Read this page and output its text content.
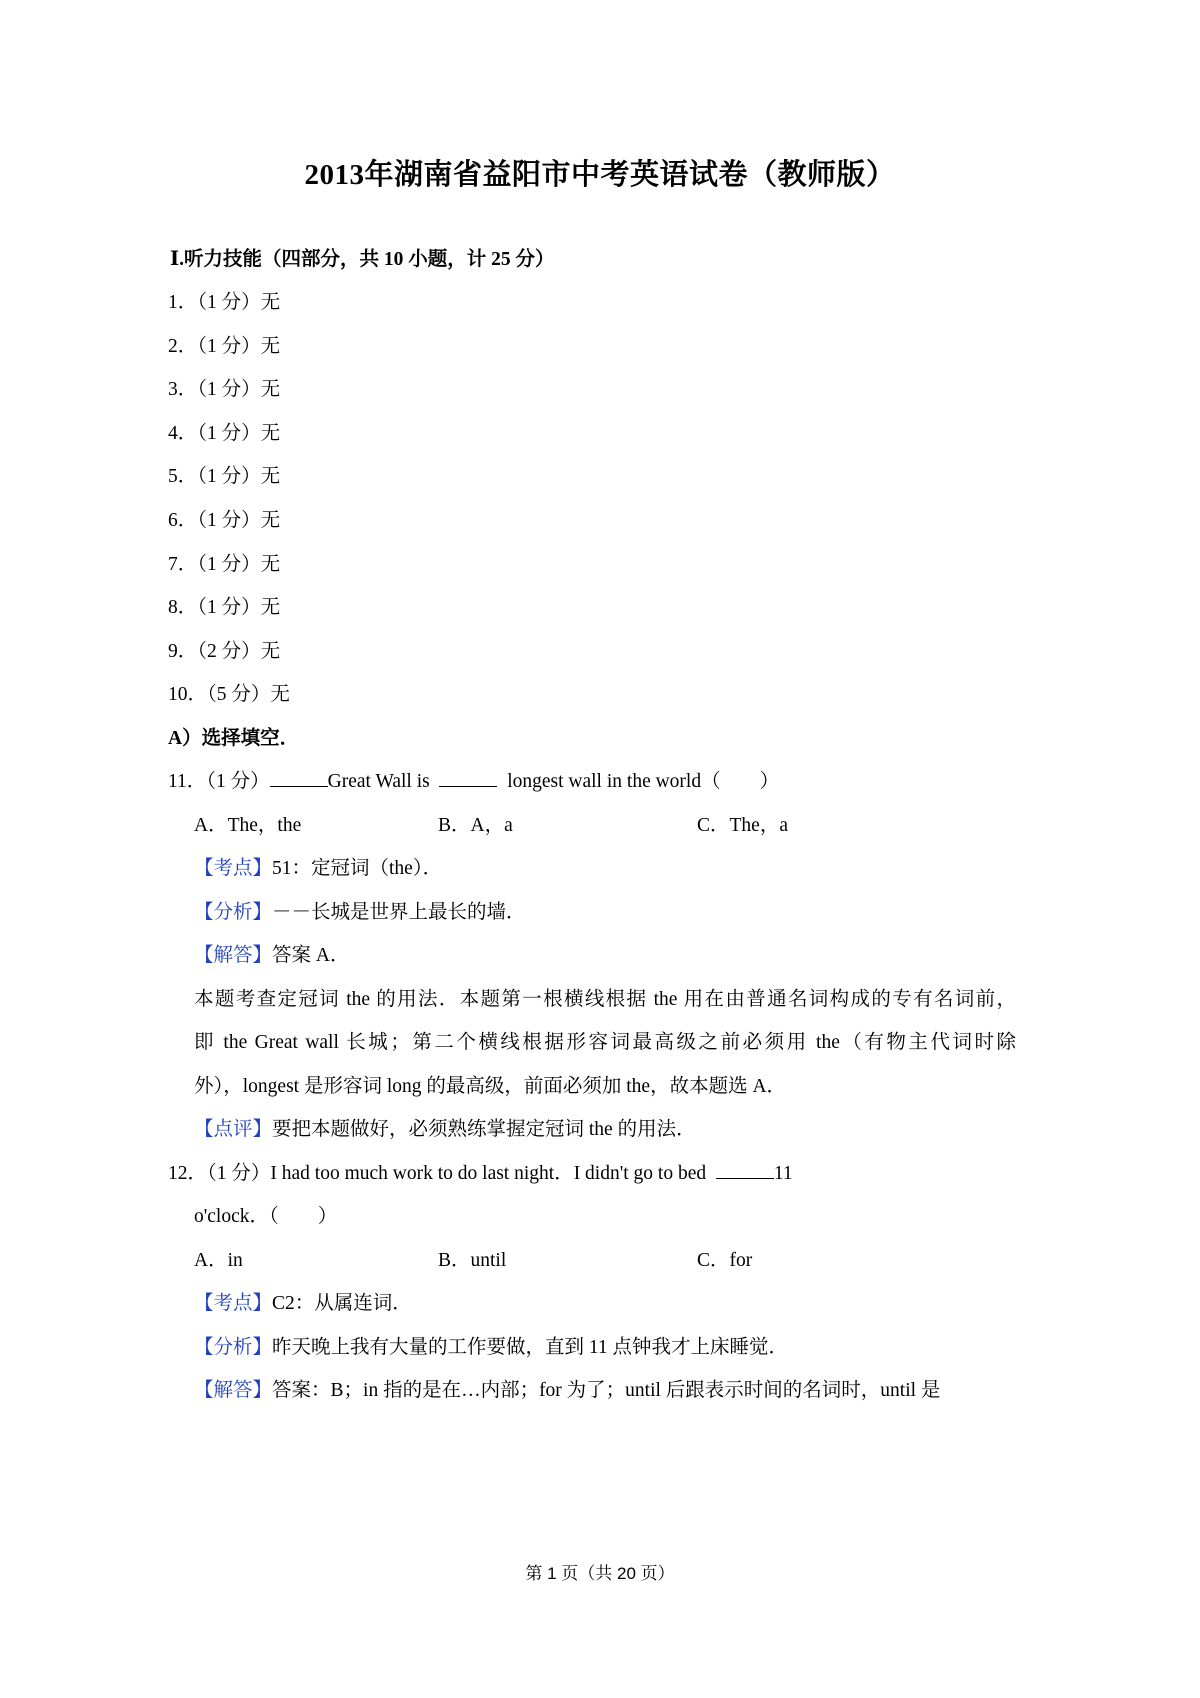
2013年湖南省益阳市中考英语试卷（教师版）
Ⅰ.听力技能（四部分，共 10 小题，计 25 分）
1．（1 分）无
2．（1 分）无
3．（1 分）无
4．（1 分）无
5．（1 分）无
6．（1 分）无
7．（1 分）无
8．（1 分）无
9．（2 分）无
10．（5 分）无
A）选择填空．
11．（1 分）	Great Wall is	longest wall in the world（　　）
A．The，the	B．A，a	C．The，a
【考点】51：定冠词（the）．
【分析】－－长城是世界上最长的墙．
【解答】答案 A．
本题考查定冠词 the 的用法．本题第一根横线根据 the 用在由普通名词构成的专有名词前，
即 the Great wall 长城；第二个横线根据形容词最高级之前必须用 the（有物主代词时除
外），longest 是形容词 long 的最高级，前面必须加 the，故本题选 A．
【点评】要把本题做好，必须熟练掌握定冠词 the 的用法．
12．（1 分）I had too much work to do last night．I didn't go to bed	11
o'clock．（　　）
A．in	B．until	C．for
【考点】C2：从属连词．
【分析】昨天晚上我有大量的工作要做，直到 11 点钟我才上床睡觉．
【解答】答案：B；in 指的是在…内部；for 为了；until 后跟表示时间的名词时，until 是
第 1 页（共 20 页）
